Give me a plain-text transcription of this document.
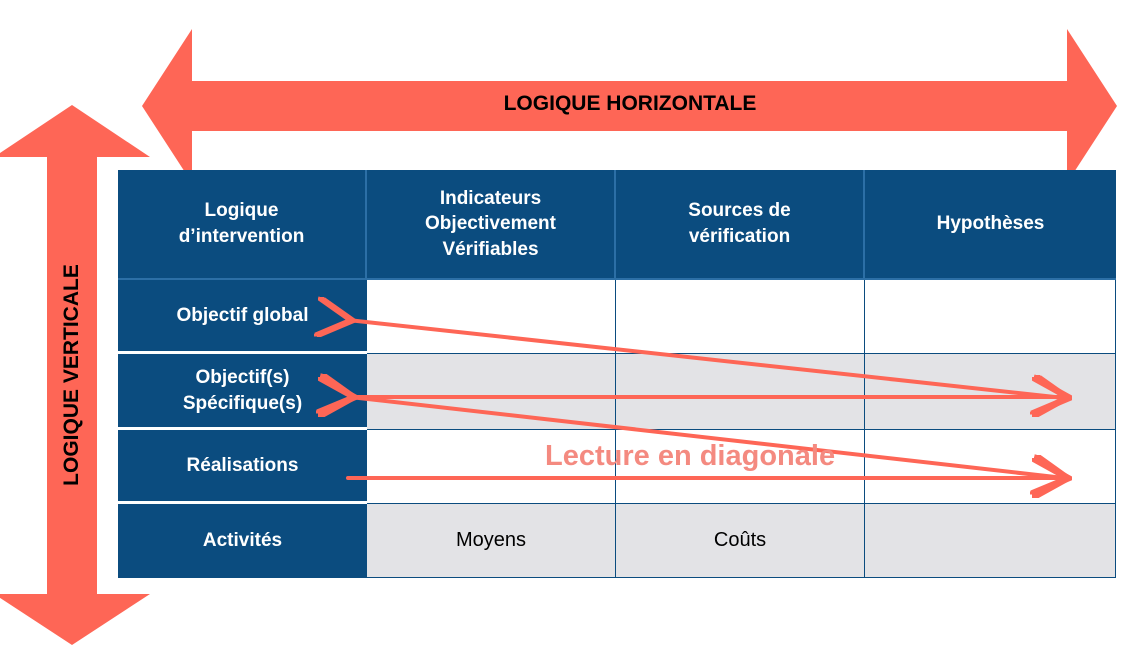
LOGIQUE HORIZONTALE
LOGIQUE VERTICALE
Logique d’intervention
Indicateurs Objectivement Vérifiables
Sources de vérification
Hypothèses
Objectif global
Objectif(s) Spécifique(s)
Réalisations
Activités	Moyens	Coûts
Lecture en diagonale
